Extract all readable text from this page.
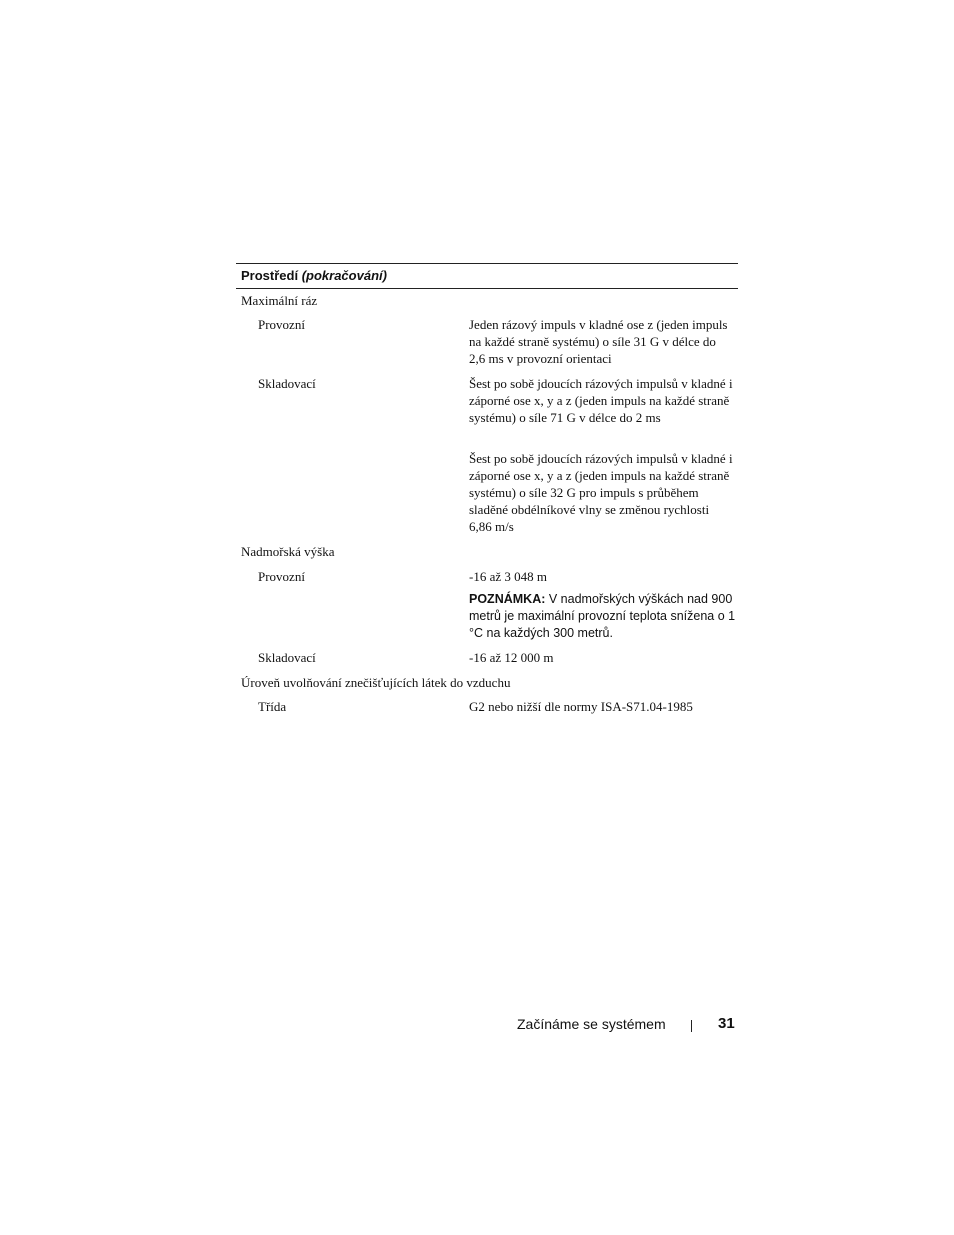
Prostředí (pokračování)
Maximální ráz
Provozní	Jeden rázový impuls v kladné ose z (jeden impuls na každé straně systému) o síle 31 G v délce do 2,6 ms v provozní orientaci
Skladovací	Šest po sobě jdoucích rázových impulsů v kladné i záporné ose x, y a z (jeden impuls na každé straně systému) o síle 71 G v délce do 2 ms
Šest po sobě jdoucích rázových impulsů v kladné i záporné ose x, y a z (jeden impuls na každé straně systému) o síle 32 G pro impuls s průběhem sladěné obdélníkové vlny se změnou rychlosti 6,86 m/s
Nadmořská výška
Provozní	-16 až 3 048 m
POZNÁMKA: V nadmořských výškách nad 900 metrů je maximální provozní teplota snížena o 1 °C na každých 300 metrů.
Skladovací	-16 až 12 000 m
Úroveň uvolňování znečišťujících látek do vzduchu
Třída	G2 nebo nižší dle normy ISA-S71.04-1985
Začínáme se systémem	31
